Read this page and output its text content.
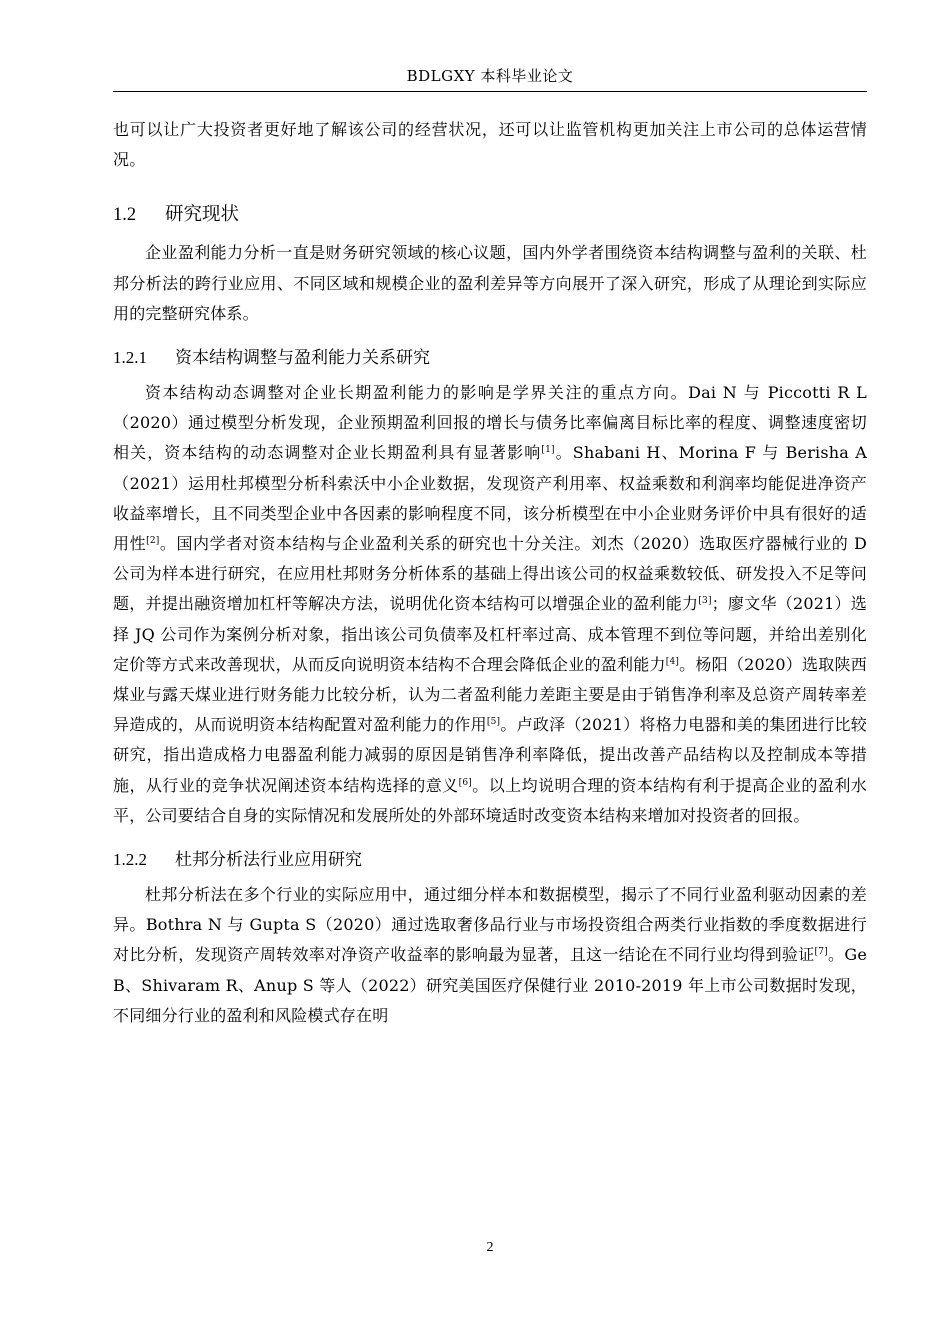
BDLGXY 本科毕业论文

也可以让广大投资者更好地了解该公司的经营状况，还可以让监管机构更加关注上市公司的总体运营情况。

1.2 研究现状

企业盈利能力分析一直是财务研究领域的核心议题，国内外学者围绕资本结构调整与盈利的关联、杜邦分析法的跨行业应用、不同区域和规模企业的盈利差异等方向展开了深入研究，形成了从理论到实际应用的完整研究体系。

1.2.1 资本结构调整与盈利能力关系研究

资本结构动态调整对企业长期盈利能力的影响是学界关注的重点方向。Dai N 与 Piccotti R L（2020）通过模型分析发现，企业预期盈利回报的增长与债务比率偏离目标比率的程度、调整速度密切相关，资本结构的动态调整对企业长期盈利具有显著影响[1]。Shabani H、Morina F 与 Berisha A（2021）运用杜邦模型分析科索沃中小企业数据，发现资产利用率、权益乘数和利润率均能促进净资产收益率增长，且不同类型企业中各因素的影响程度不同，该分析模型在中小企业财务评价中具有很好的适用性[2]。国内学者对资本结构与企业盈利关系的研究也十分关注。刘杰（2020）选取医疗器械行业的 D 公司为样本进行研究，在应用杜邦财务分析体系的基础上得出该公司的权益乘数较低、研发投入不足等问题，并提出融资增加杠杆等解决方法，说明优化资本结构可以增强企业的盈利能力[3]；廖文华（2021）选择 JQ 公司作为案例分析对象，指出该公司负债率及杠杆率过高、成本管理不到位等问题，并给出差别化定价等方式来改善现状，从而反向说明资本结构不合理会降低企业的盈利能力[4]。杨阳（2020）选取陕西煤业与露天煤业进行财务能力比较分析，认为二者盈利能力差距主要是由于销售净利率及总资产周转率差异造成的，从而说明资本结构配置对盈利能力的作用[5]。卢政泽（2021）将格力电器和美的集团进行比较研究，指出造成格力电器盈利能力减弱的原因是销售净利率降低，提出改善产品结构以及控制成本等措施，从行业的竞争状况阐述资本结构选择的意义[6]。以上均说明合理的资本结构有利于提高企业的盈利水平，公司要结合自身的实际情况和发展所处的外部环境适时改变资本结构来增加对投资者的回报。

1.2.2 杜邦分析法行业应用研究

杜邦分析法在多个行业的实际应用中，通过细分样本和数据模型，揭示了不同行业盈利驱动因素的差异。Bothra N 与 Gupta S（2020）通过选取奢侈品行业与市场投资组合两类行业指数的季度数据进行对比分析，发现资产周转效率对净资产收益率的影响最为显著，且这一结论在不同行业均得到验证[7]。Ge B、Shivaram R、Anup S 等人（2022）研究美国医疗保健行业 2010-2019 年上市公司数据时发现，不同细分行业的盈利和风险模式存在明

2
